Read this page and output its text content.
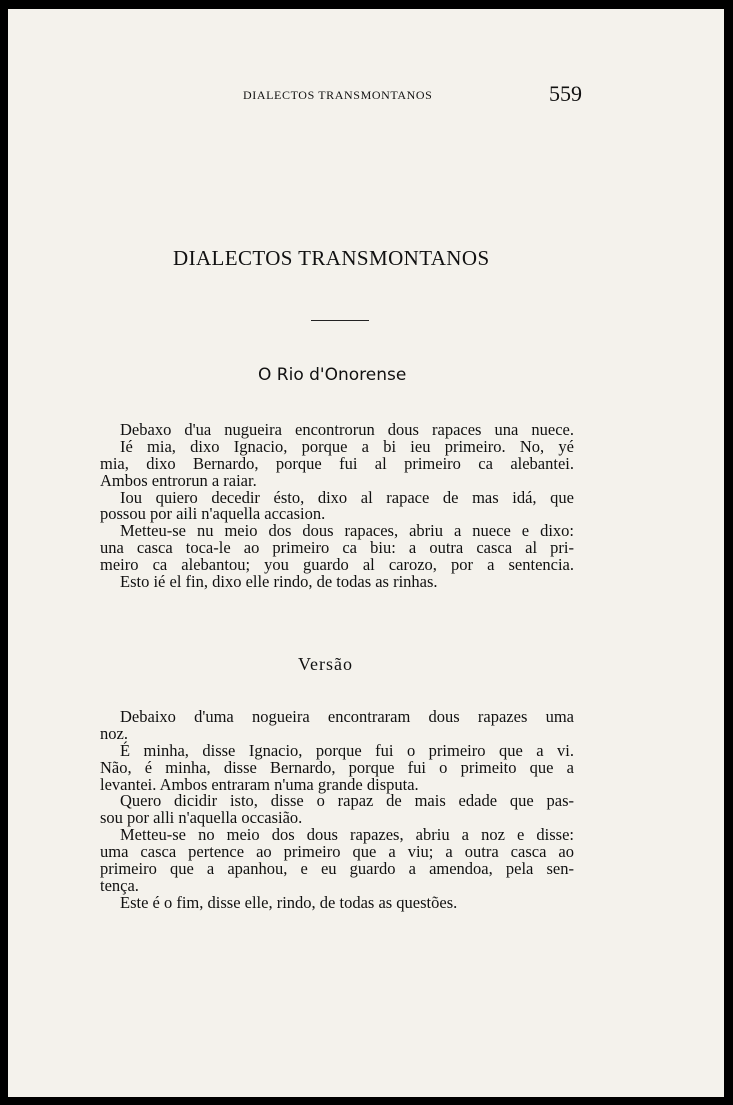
DIALECTOS TRANSMONTANOS	559
DIALECTOS TRANSMONTANOS
O Rio d'Onorense
Debaxo d'ua nugueira encontrorun dous rapaces una nuece.
Ié mia, dixo Ignacio, porque a bi ieu primeiro. No, yé
mia, dixo Bernardo, porque fui al primeiro ca alebantei.
Ambos entrorun a raiar.
Iou quiero decedir ésto, dixo al rapace de mas idá, que
possou por aili n'aquella accasion.
Metteu-se nu meio dos dous rapaces, abriu a nuece e dixo:
una casca toca-le ao primeiro ca biu: a outra casca al pri-
meiro ca alebantou; you guardo al carozo, por a sentencia.
Esto ié el fin, dixo elle rindo, de todas as rinhas.
Versão
Debaixo d'uma nogueira encontraram dous rapazes uma
noz.
É minha, disse Ignacio, porque fui o primeiro que a vi.
Não, é minha, disse Bernardo, porque fui o primeito que a
levantei. Ambos entraram n'uma grande disputa.
Quero dicidir isto, disse o rapaz de mais edade que pas-
sou por alli n'aquella occasião.
Metteu-se no meio dos dous rapazes, abriu a noz e disse:
uma casca pertence ao primeiro que a viu; a outra casca ao
primeiro que a apanhou, e eu guardo a amendoa, pela sen-
tença.
Este é o fim, disse elle, rindo, de todas as questões.
